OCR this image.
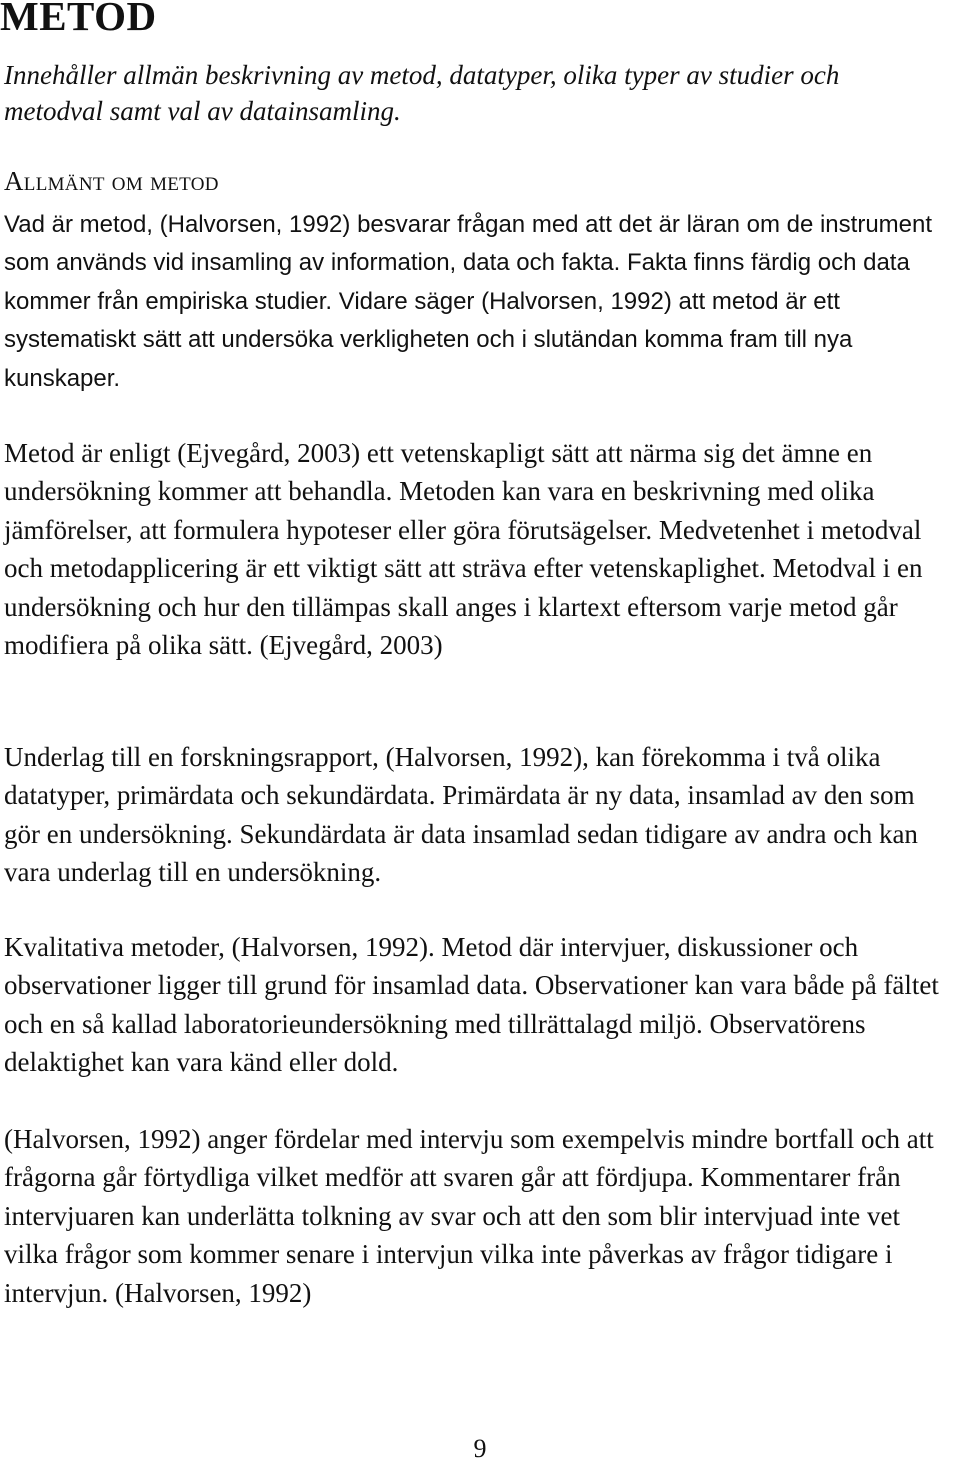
METOD

Innehåller allmän beskrivning av metod, datatyper, olika typer av studier och metodval samt val av datainsamling.

Allmänt om metod

Vad är metod, (Halvorsen, 1992) besvarar frågan med att det är läran om de instrument som används vid insamling av information, data och fakta. Fakta finns färdig och data kommer från empiriska studier. Vidare säger (Halvorsen, 1992) att metod är ett systematiskt sätt att undersöka verkligheten och i slutändan komma fram till nya kunskaper.

Metod är enligt (Ejvegård, 2003) ett vetenskapligt sätt att närma sig det ämne en undersökning kommer att behandla. Metoden kan vara en beskrivning med olika jämförelser, att formulera hypoteser eller göra förutsägelser. Medvetenhet i metodval och metodapplicering är ett viktigt sätt att sträva efter vetenskaplighet. Metodval i en undersökning och hur den tillämpas skall anges i klartext eftersom varje metod går modifiera på olika sätt. (Ejvegård, 2003)

Underlag till en forskningsrapport, (Halvorsen, 1992), kan förekomma i två olika datatyper, primärdata och sekundärdata. Primärdata är ny data, insamlad av den som gör en undersökning. Sekundärdata är data insamlad sedan tidigare av andra och kan vara underlag till en undersökning.

Kvalitativa metoder, (Halvorsen, 1992). Metod där intervjuer, diskussioner och observationer ligger till grund för insamlad data. Observationer kan vara både på fältet och en så kallad laboratorieundersökning med tillrättalagd miljö. Observatörens delaktighet kan vara känd eller dold.

(Halvorsen, 1992) anger fördelar med intervju som exempelvis mindre bortfall och att frågorna går förtydliga vilket medför att svaren går att fördjupa. Kommentarer från intervjuaren kan underlätta tolkning av svar och att den som blir intervjuad inte vet vilka frågor som kommer senare i intervjun vilka inte påverkas av frågor tidigare i intervjun. (Halvorsen, 1992)

9
